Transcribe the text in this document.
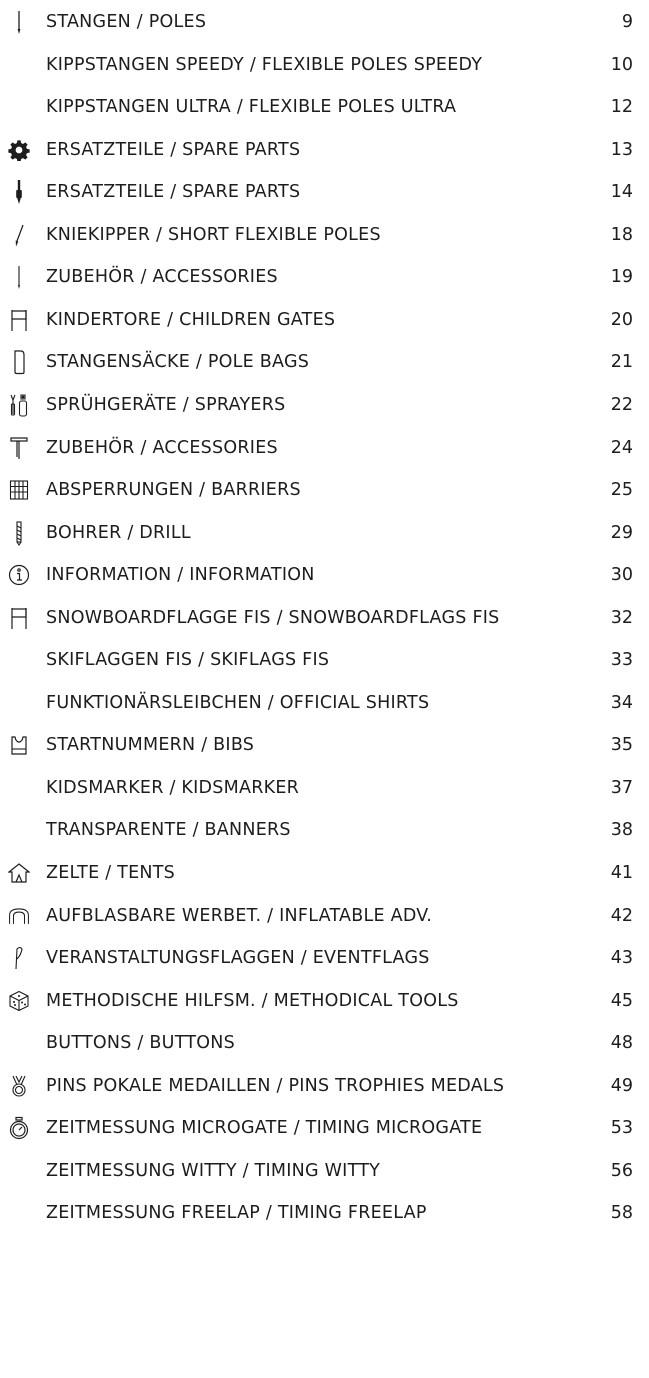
STANGEN / POLES	9
KIPPSTANGEN SPEEDY / FLEXIBLE POLES SPEEDY	10
KIPPSTANGEN ULTRA / FLEXIBLE POLES ULTRA	12
ERSATZTEILE / SPARE PARTS	13
ERSATZTEILE / SPARE PARTS	14
KNIEKIPPER / SHORT FLEXIBLE POLES	18
ZUBEHÖR / ACCESSORIES	19
KINDERTORE / CHILDREN GATES	20
STANGENSÄCKE / POLE BAGS	21
SPRÜHGERÄTE / SPRAYERS	22
ZUBEHÖR / ACCESSORIES	24
ABSPERRUNGEN / BARRIERS	25
BOHRER / DRILL	29
INFORMATION / INFORMATION	30
SNOWBOARDFLAGGE FIS / SNOWBOARDFLAGS FIS	32
SKIFLAGGEN FIS / SKIFLAGS FIS	33
FUNKTIONÄRSLEIBCHEN / OFFICIAL SHIRTS	34
STARTNUMMERN / BIBS	35
KIDSMARKER / KIDSMARKER	37
TRANSPARENTE / BANNERS	38
ZELTE / TENTS	41
AUFBLASBARE WERBET. / INFLATABLE ADV.	42
VERANSTALTUNGSFLAGGEN / EVENTFLAGS	43
METHODISCHE HILFSM. / METHODICAL TOOLS	45
BUTTONS / BUTTONS	48
PINS POKALE MEDAILLEN / PINS TROPHIES MEDALS	49
ZEITMESSUNG MICROGATE / TIMING MICROGATE	53
ZEITMESSUNG WITTY / TIMING WITTY	56
ZEITMESSUNG FREELAP / TIMING FREELAP	58
